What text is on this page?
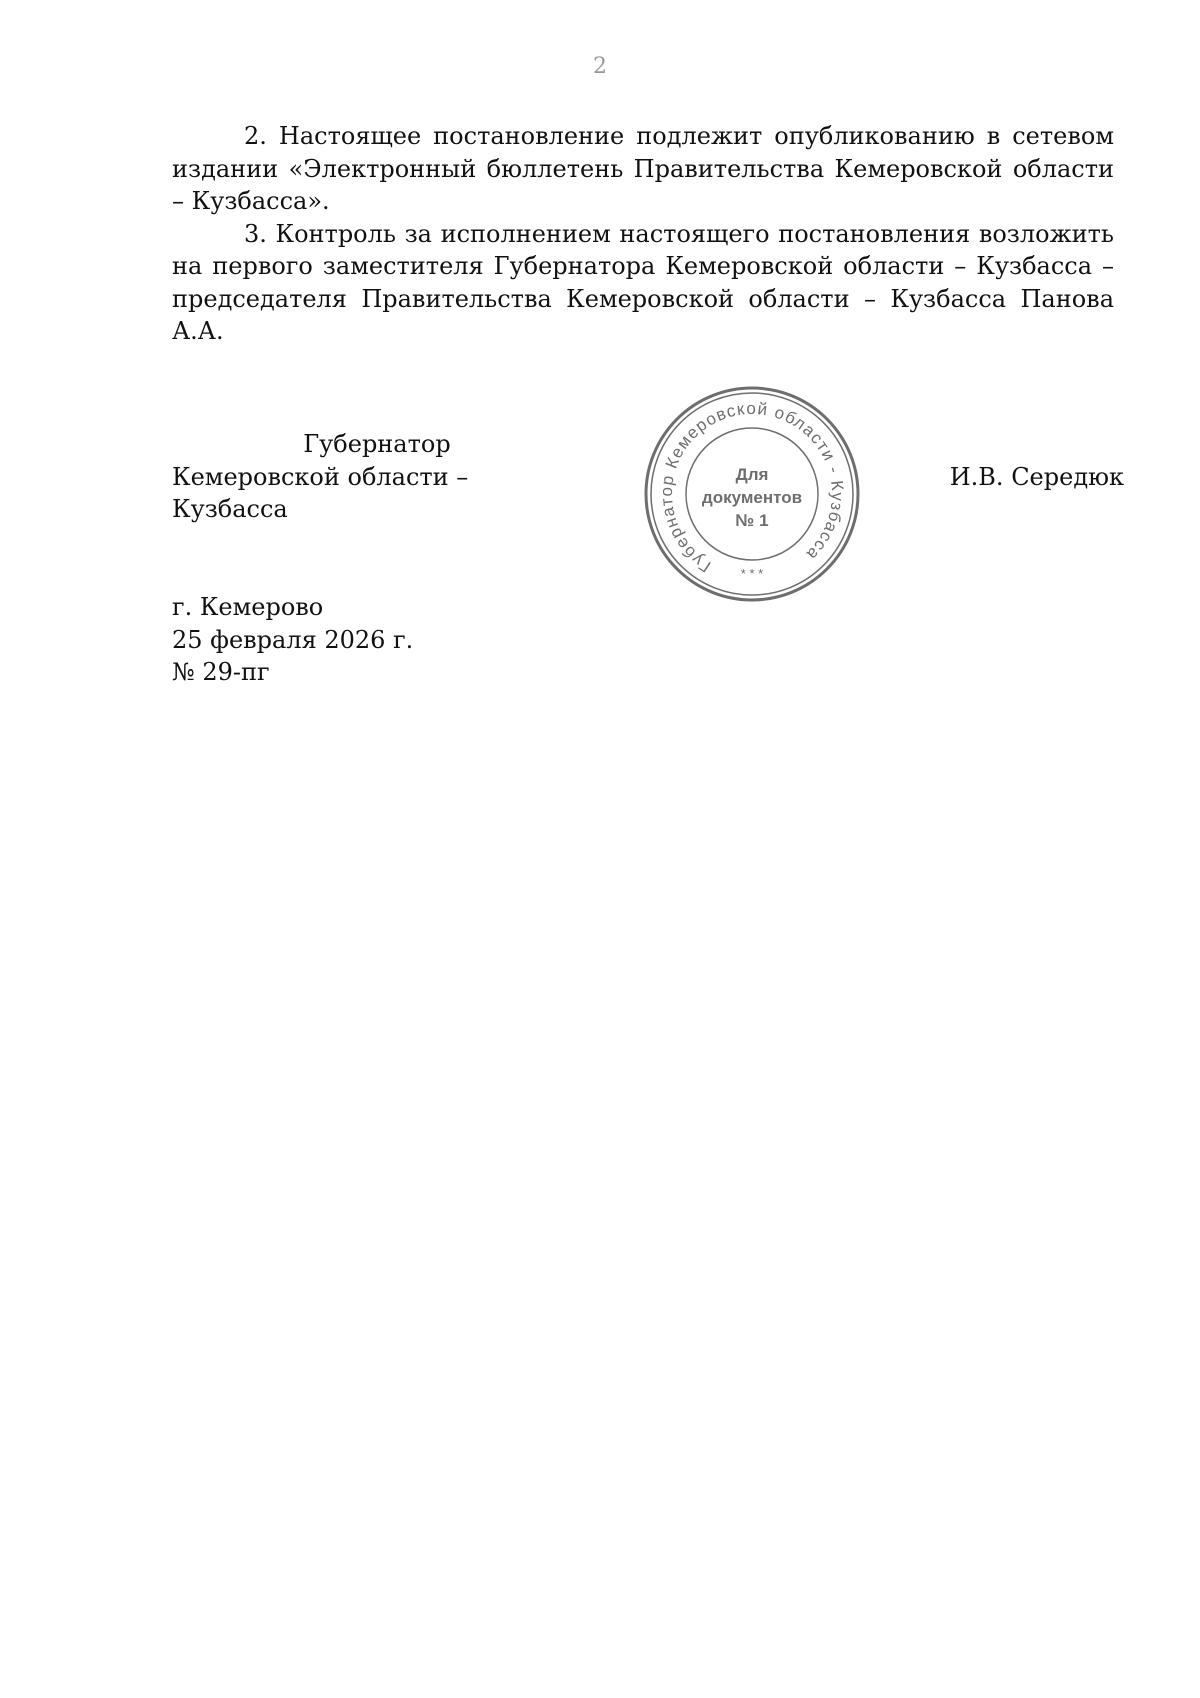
2

2. Настоящее постановление подлежит опубликованию в сетевом издании «Электронный бюллетень Правительства Кемеровской области – Кузбасса».

3. Контроль за исполнением настоящего постановления возложить на первого заместителя Губернатора Кемеровской области – Кузбасса – председателя Правительства Кемеровской области – Кузбасса Панова А.А.

Губернатор
Кемеровской области – Кузбасса
Губернатор Кемеровской области - Кузбасса
Для
документов
№ 1
* * *
И.В. Середюк
г. Кемерово
25 февраля 2026 г.
№ 29-пг
